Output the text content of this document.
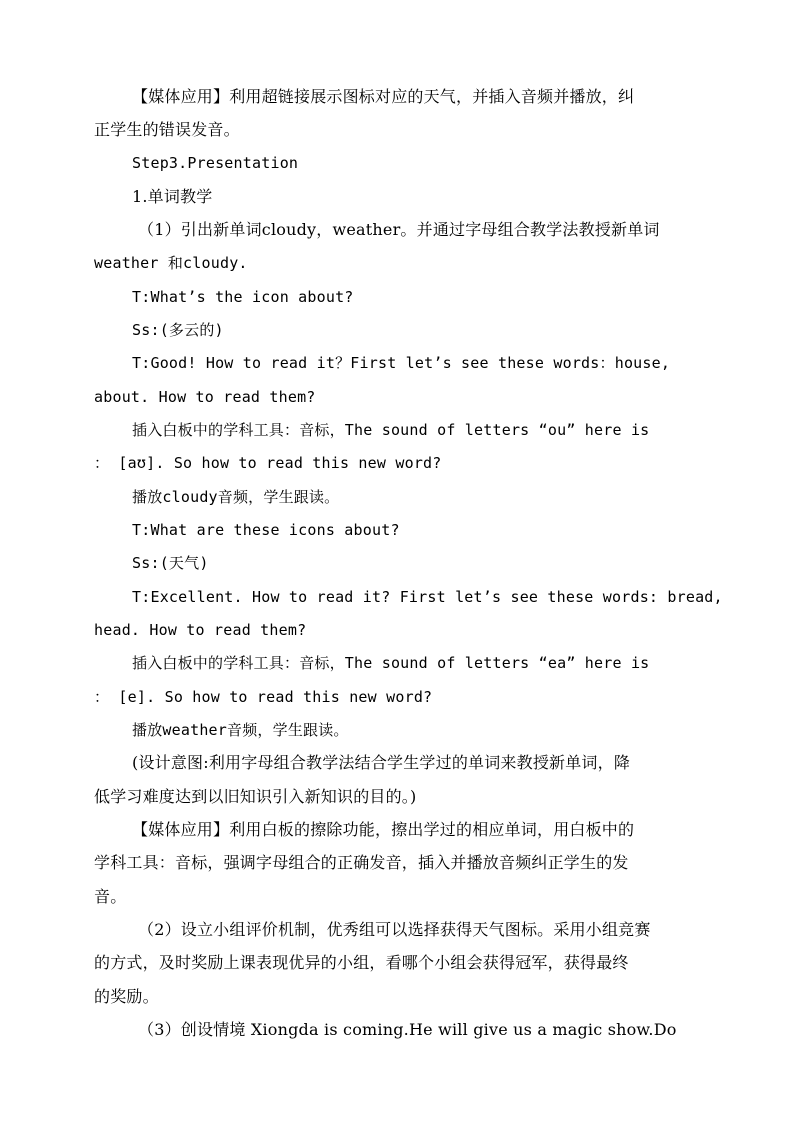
【媒体应用】利用超链接展示图标对应的天气，并插入音频并播放，纠
正学生的错误发音。
Step3.Presentation
1.单词教学
（1）引出新单词cloudy，weather。并通过字母组合教学法教授新单词
weather 和cloudy.
T:What’s the icon about?
Ss:(多云的)
T:Good! How to read it？First let’s see these words：house,
about. How to read them?
插入白板中的学科工具：音标，The sound of letters “ou” here is
： [aʊ]. So how to read this new word?
播放cloudy音频，学生跟读。
T:What are these icons about?
Ss:(天气)
T:Excellent. How to read it? First let’s see these words: bread,
head. How to read them?
插入白板中的学科工具：音标，The sound of letters “ea” here is
： [e]. So how to read this new word?
播放weather音频，学生跟读。
(设计意图:利用字母组合教学法结合学生学过的单词来教授新单词，降
低学习难度达到以旧知识引入新知识的目的。)
【媒体应用】利用白板的擦除功能，擦出学过的相应单词，用白板中的
学科工具：音标，强调字母组合的正确发音，插入并播放音频纠正学生的发
音。
（2）设立小组评价机制，优秀组可以选择获得天气图标。采用小组竞赛
的方式，及时奖励上课表现优异的小组，看哪个小组会获得冠军，获得最终
的奖励。
（3）创设情境 Xiongda is coming.He will give us a magic show.Do
